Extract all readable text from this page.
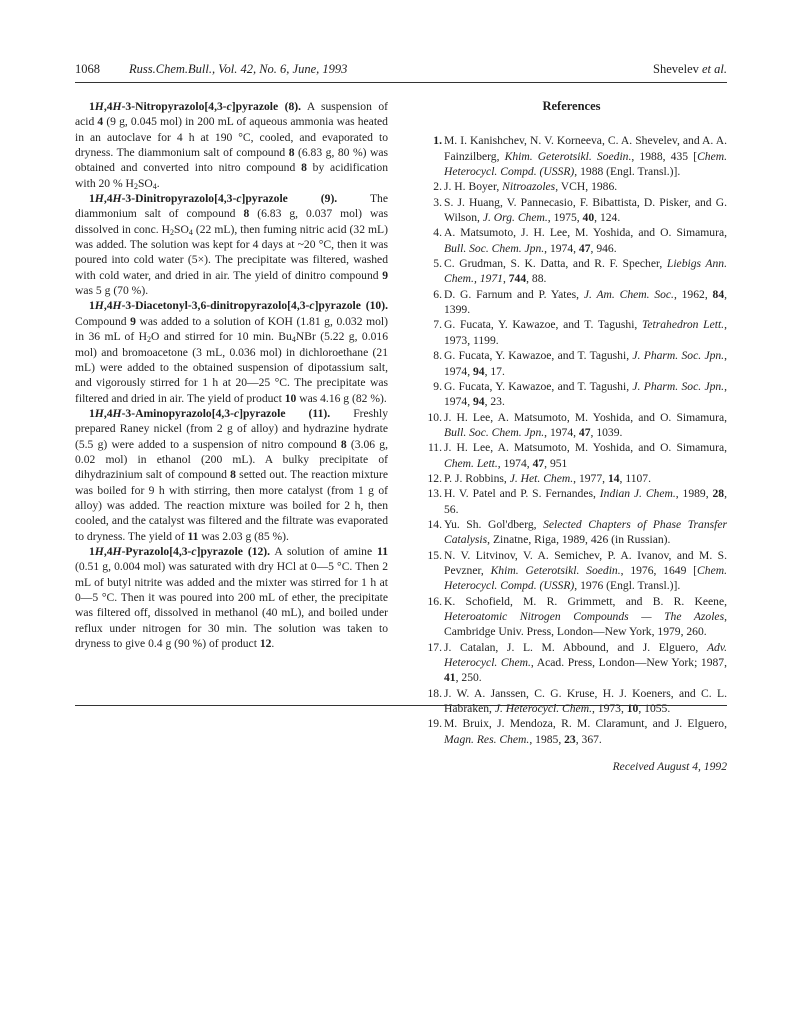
1068 Russ.Chem.Bull., Vol. 42, No. 6, June, 1993	Shevelev et al.

1H,4H-3-Nitropyrazolo[4,3-c]pyrazole (8). A suspension of acid 4 (9 g, 0.045 mol) in 200 mL of aqueous ammonia was heated in an autoclave for 4 h at 190 °C, cooled, and evaporated to dryness. The diammonium salt of compound 8 (6.83 g, 80 %) was obtained and converted into nitro compound 8 by acidification with 20 % $H_2SO_4$.

1H,4H-3-Dinitropyrazolo[4,3-c]pyrazole (9). The diammonium salt of compound 8 (6.83 g, 0.037 mol) was dissolved in conc. $H_2SO_4$ (22 mL), then fuming nitric acid (32 mL) was added. The solution was kept for 4 days at ~20 °C, then it was poured into cold water (5×). The precipitate was filtered, washed with cold water, and dried in air. The yield of dinitro compound 9 was 5 g (70 %).

1H,4H-3-Diacetonyl-3,6-dinitropyrazolo[4,3-c]pyrazole (10). Compound 9 was added to a solution of KOH (1.81 g, 0.032 mol) in 36 mL of $H_2O$ and stirred for 10 min. $Bu_4NBr$ (5.22 g, 0.016 mol) and bromoacetone (3 mL, 0.036 mol) in dichloroethane (21 mL) were added to the obtained suspension of dipotassium salt, and vigorously stirred for 1 h at 20—25 °C. The precipitate was filtered and dried in air. The yield of product 10 was 4.16 g (82 %).

1H,4H-3-Aminopyrazolo[4,3-c]pyrazole (11). Freshly prepared Raney nickel (from 2 g of alloy) and hydrazine hydrate (5.5 g) were added to a suspension of nitro compound 8 (3.06 g, 0.02 mol) in ethanol (200 mL). A bulky precipitate of dihydrazinium salt of compound 8 setted out. The reaction mixture was boiled for 9 h with stirring, then more catalyst (from 1 g of alloy) was added. The reaction mixture was boiled for 2 h, then cooled, and the catalyst was filtered and the filtrate was evaporated to dryness. The yield of 11 was 2.03 g (85 %).

1H,4H-Pyrazolo[4,3-c]pyrazole (12). A solution of amine 11 (0.51 g, 0.004 mol) was saturated with dry HCl at 0—5 °C. Then 2 mL of butyl nitrite was added and the mixter was stirred for 1 h at 0—5 °C. Then it was poured into 200 mL of ether, the precipitate was filtered off, dissolved in methanol (40 mL), and boiled under reflux under nitrogen for 30 min. The solution was taken to dryness to give 0.4 g (90 %) of product 12.

References
1. M. I. Kanishchev, N. V. Korneeva, C. A. Shevelev, and A. A. Fainzilberg, Khim. Geterotsikl. Soedin., 1988, 435 [Chem. Heterocycl. Compd. (USSR), 1988 (Engl. Transl.)].
2. J. H. Boyer, Nitroazoles, VCH, 1986.
3. S. J. Huang, V. Pannecasio, F. Bibattista, D. Pisker, and G. Wilson, J. Org. Chem., 1975, 40, 124.
4. A. Matsumoto, J. H. Lee, M. Yoshida, and O. Simamura, Bull. Soc. Chem. Jpn., 1974, 47, 946.
5. C. Grudman, S. K. Datta, and R. F. Specher, Liebigs Ann. Chem., 1971, 744, 88.
6. D. G. Farnum and P. Yates, J. Am. Chem. Soc., 1962, 84, 1399.
7. G. Fucata, Y. Kawazoe, and T. Tagushi, Tetrahedron Lett., 1973, 1199.
8. G. Fucata, Y. Kawazoe, and T. Tagushi, J. Pharm. Soc. Jpn., 1974, 94, 17.
9. G. Fucata, Y. Kawazoe, and T. Tagushi, J. Pharm. Soc. Jpn., 1974, 94, 23.
10. J. H. Lee, A. Matsumoto, M. Yoshida, and O. Simamura, Bull. Soc. Chem. Jpn., 1974, 47, 1039.
11. J. H. Lee, A. Matsumoto, M. Yoshida, and O. Simamura, Chem. Lett., 1974, 47, 951
12. P. J. Robbins, J. Het. Chem., 1977, 14, 1107.
13. H. V. Patel and P. S. Fernandes, Indian J. Chem., 1989, 28, 56.
14. Yu. Sh. Gol'dberg, Selected Chapters of Phase Transfer Catalysis, Zinatne, Riga, 1989, 426 (in Russian).
15. N. V. Litvinov, V. A. Semichev, P. A. Ivanov, and M. S. Pevzner, Khim. Geterotsikl. Soedin., 1976, 1649 [Chem. Heterocycl. Compd. (USSR), 1976 (Engl. Transl.)].
16. K. Schofield, M. R. Grimmett, and B. R. Keene, Heteroatomic Nitrogen Compounds — The Azoles, Cambridge Univ. Press, London—New York, 1979, 260.
17. J. Catalan, J. L. M. Abbound, and J. Elguero, Adv. Heterocycl. Chem., Acad. Press, London—New York; 1987, 41, 250.
18. J. W. A. Janssen, C. G. Kruse, H. J. Koeners, and C. L. Habraken, J. Heterocycl. Chem., 1973, 10, 1055.
19. M. Bruix, J. Mendoza, R. M. Claramunt, and J. Elguero, Magn. Res. Chem., 1985, 23, 367.
Received August 4, 1992
